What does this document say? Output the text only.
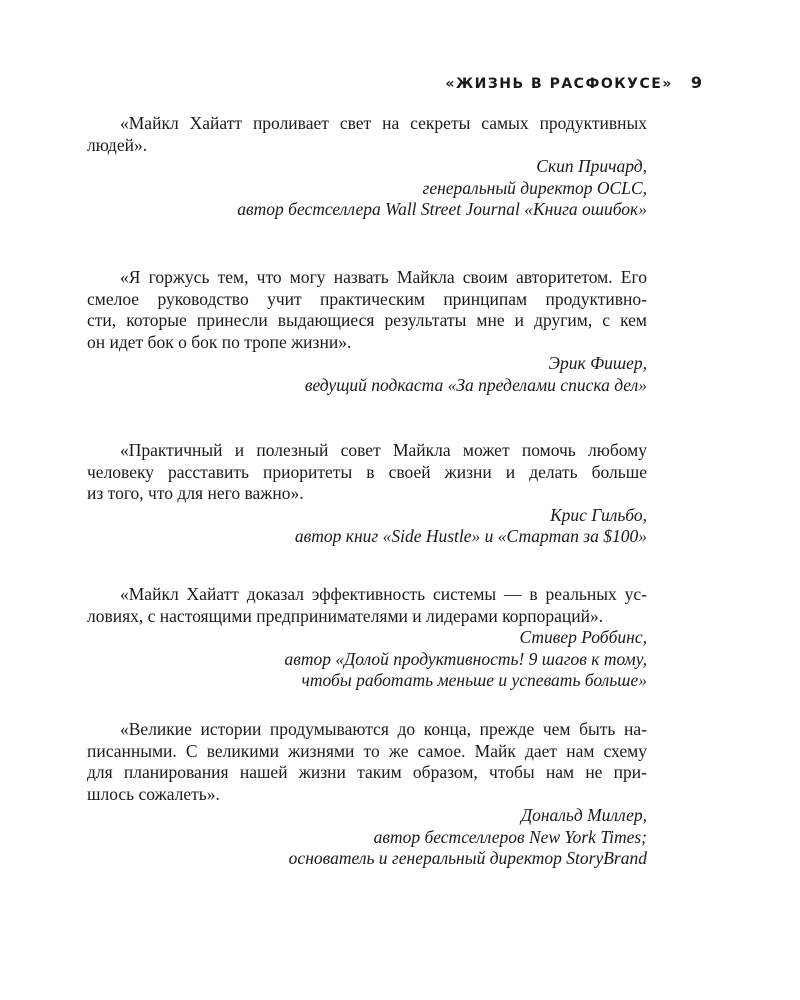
«ЖИЗНЬ В РАСФОКУСЕ» 9
«Майкл Хайатт проливает свет на секреты самых продуктивных
людей».
Скип Причард,
генеральный директор OCLC,
автор бестселлера Wall Street Journal «Книга ошибок»
«Я горжусь тем, что могу назвать Майкла своим авторитетом. Его
смелое руководство учит практическим принципам продуктивно-
сти, которые принесли выдающиеся результаты мне и другим, с кем
он идет бок о бок по тропе жизни».
Эрик Фишер,
ведущий подкаста «За пределами списка дел»
«Практичный и полезный совет Майкла может помочь любому
человеку расставить приоритеты в своей жизни и делать больше
из того, что для него важно».
Крис Гильбо,
автор книг «Side Hustle» и «Стартап за $100»
«Майкл Хайатт доказал эффективность системы — в реальных ус-
ловиях, с настоящими предпринимателями и лидерами корпораций».
Стивер Роббинс,
автор «Долой продуктивность! 9 шагов к тому,
чтобы работать меньше и успевать больше»
«Великие истории продумываются до конца, прежде чем быть на-
писанными. С великими жизнями то же самое. Майк дает нам схему
для планирования нашей жизни таким образом, чтобы нам не при-
шлось сожалеть».
Дональд Миллер,
автор бестселлеров New York Times;
основатель и генеральный директор StoryBrand
